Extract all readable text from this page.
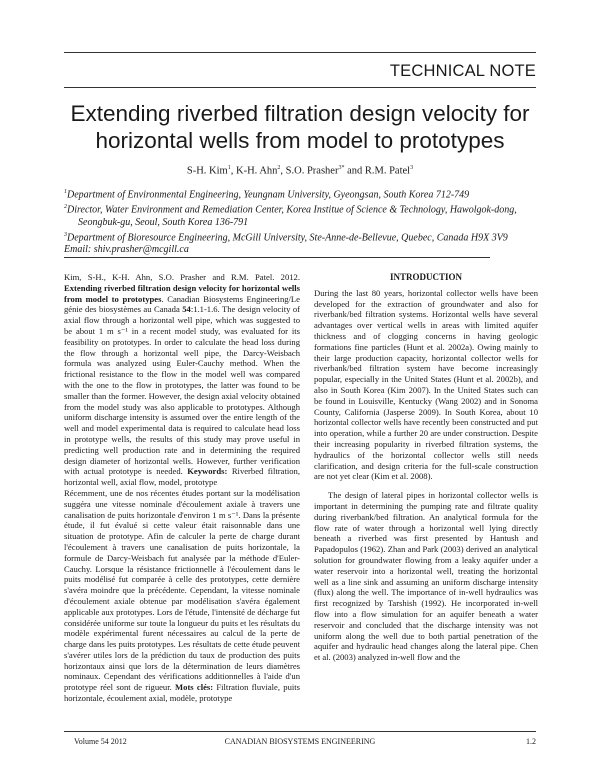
TECHNICAL NOTE
Extending riverbed filtration design velocity for horizontal wells from model to prototypes
S-H. Kim$^1$, K-H. Ahn$^2$, S.O. Prasher$^{3*}$ and R.M. Patel$^3$
$^1$Department of Environmental Engineering, Yeungnam University, Gyeongsan, South Korea 712-749
$^2$Director, Water Environment and Remediation Center, Korea Institue of Science & Technology, Hawolgok-dong,
Seongbuk-gu, Seoul, South Korea 136-791
$^3$Department of Bioresource Engineering, McGill University, Ste-Anne-de-Bellevue, Quebec, Canada H9X 3V9
Email: shiv.prasher@mcgill.ca

Kim, S-H., K-H. Ahn, S.O. Prasher and R.M. Patel. 2012. Extending riverbed filtration design velocity for horizontal wells from model to prototypes. Canadian Biosystems Engineering/Le génie des biosystèmes au Canada 54:1.1-1.6. The design velocity of axial flow through a horizontal well pipe, which was suggested to be about 1 m s⁻¹ in a recent model study, was evaluated for its feasibility on prototypes. In order to calculate the head loss during the flow through a horizontal well pipe, the Darcy-Weisbach formula was analyzed using Euler-Cauchy method. When the frictional resistance to the flow in the model well was compared with the one to the flow in prototypes, the latter was found to be smaller than the former. However, the design axial velocity obtained from the model study was also applicable to prototypes. Although uniform discharge intensity is assumed over the entire length of the well and model experimental data is required to calculate head loss in prototype wells, the results of this study may prove useful in predicting well production rate and in determining the required design diameter of horizontal wells. However, further verification with actual prototype is needed. Keywords: Riverbed filtration, horizontal well, axial flow, model, prototype

Récemment, une de nos récentes études portant sur la modélisation suggéra une vitesse nominale d'écoulement axiale à travers une canalisation de puits horizontale d'environ 1 m s⁻¹. Dans la présente étude, il fut évalué si cette valeur était raisonnable dans une situation de prototype. Afin de calculer la perte de charge durant l'écoulement à travers une canalisation de puits horizontale, la formule de Darcy-Weisbach fut analysée par la méthode d'Euler-Cauchy. Lorsque la résistance frictionnelle à l'écoulement dans le puits modélisé fut comparée à celle des prototypes, cette dernière s'avéra moindre que la précédente. Cependant, la vitesse nominale d'écoulement axiale obtenue par modélisation s'avéra également applicable aux prototypes. Lors de l'étude, l'intensité de décharge fut considérée uniforme sur toute la longueur du puits et les résultats du modèle expérimental furent nécessaires au calcul de la perte de charge dans les puits prototypes. Les résultats de cette étude peuvent s'avérer utiles lors de la prédiction du taux de production des puits horizontaux ainsi que lors de la détermination de leurs diamètres nominaux. Cependant des vérifications additionnelles à l'aide d'un prototype réel sont de rigueur. Mots clés: Filtration fluviale, puits horizontale, écoulement axial, modèle, prototype

INTRODUCTION

During the last 80 years, horizontal collector wells have been developed for the extraction of groundwater and also for riverbank/bed filtration systems. Horizontal wells have several advantages over vertical wells in areas with limited aquifer thickness and of clogging concerns in having geologic formations fine particles (Hunt et al. 2002a). Owing mainly to their large production capacity, horizontal collector wells for riverbank/bed filtration system have become increasingly popular, especially in the United States (Hunt et al. 2002b), and also in South Korea (Kim 2007). In the United States such can be found in Louisville, Kentucky (Wang 2002) and in Sonoma County, California (Jasperse 2009). In South Korea, about 10 horizontal collector wells have recently been constructed and put into operation, while a further 20 are under construction. Despite their increasing popularity in riverbed filtration systems, the hydraulics of the horizontal collector wells still needs clarification, and design criteria for the full-scale construction are not yet clear (Kim et al. 2008).

The design of lateral pipes in horizontal collector wells is important in determining the pumping rate and filtrate quality during riverbank/bed filtration. An analytical formula for the flow rate of water through a horizontal well lying directly beneath a riverbed was first presented by Hantush and Papadopulos (1962). Zhan and Park (2003) derived an analytical solution for groundwater flowing from a leaky aquifer under a water reservoir into a horizontal well, treating the horizontal well as a line sink and assuming an uniform discharge intensity (flux) along the well. The importance of in-well hydraulics was first recognized by Tarshish (1992). He incorporated in-well flow into a flow simulation for an aquifer beneath a water reservoir and concluded that the discharge intensity was not uniform along the well due to both partial penetration of the aquifer and hydraulic head changes along the lateral pipe. Chen et al. (2003) analyzed in-well flow and the

Volume 54 2012	CANADIAN BIOSYSTEMS ENGINEERING	1.2
